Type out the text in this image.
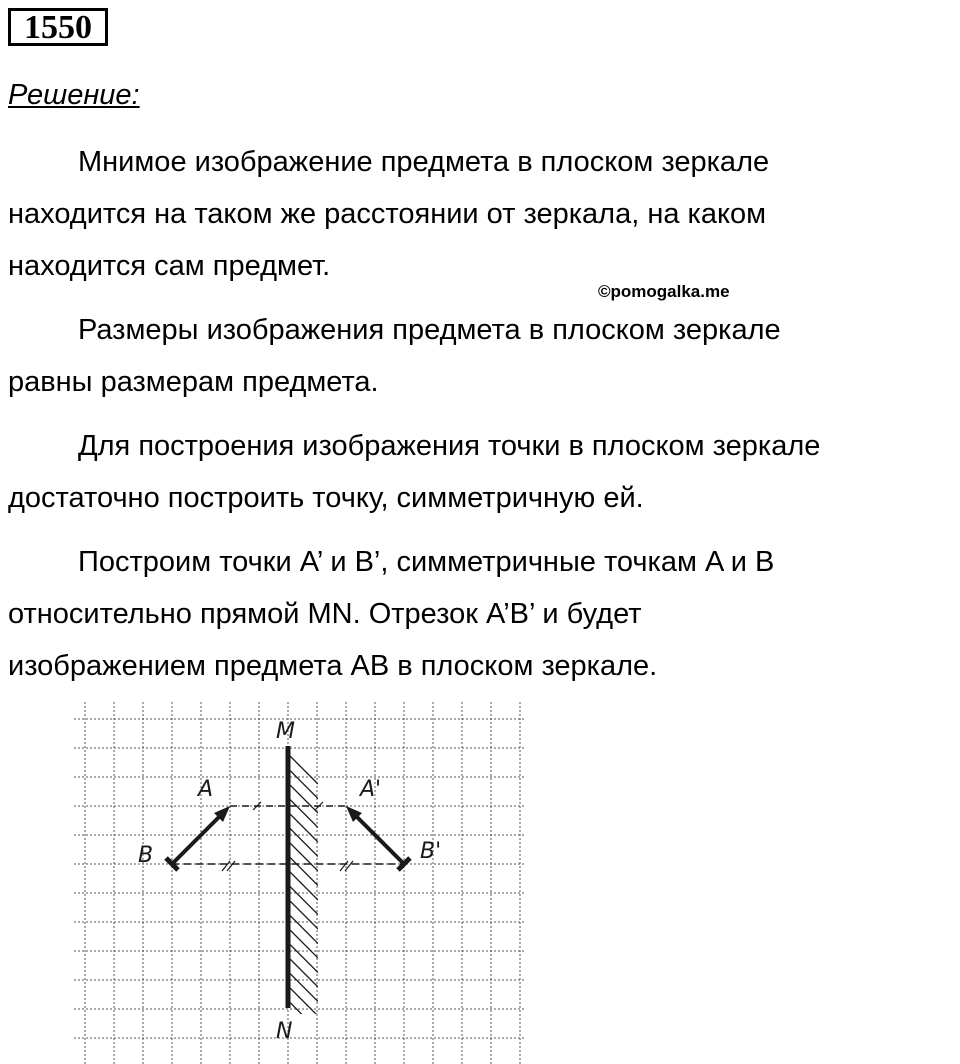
1550
Решение:

Мнимое изображение предмета в плоском зеркале
находится на таком же расстоянии от зеркала, на каком
находится сам предмет.

©pomogalka.me

Размеры изображения предмета в плоском зеркале
равны размерам предмета.

Для построения изображения точки в плоском зеркале
достаточно построить точку, симметричную ей.

Построим точки A’ и B’, симметричные точкам A и B
относительно прямой MN. Отрезок A’B’ и будет
изображением предмета AB в плоском зеркале.

M
N
A
B
A'
B'
